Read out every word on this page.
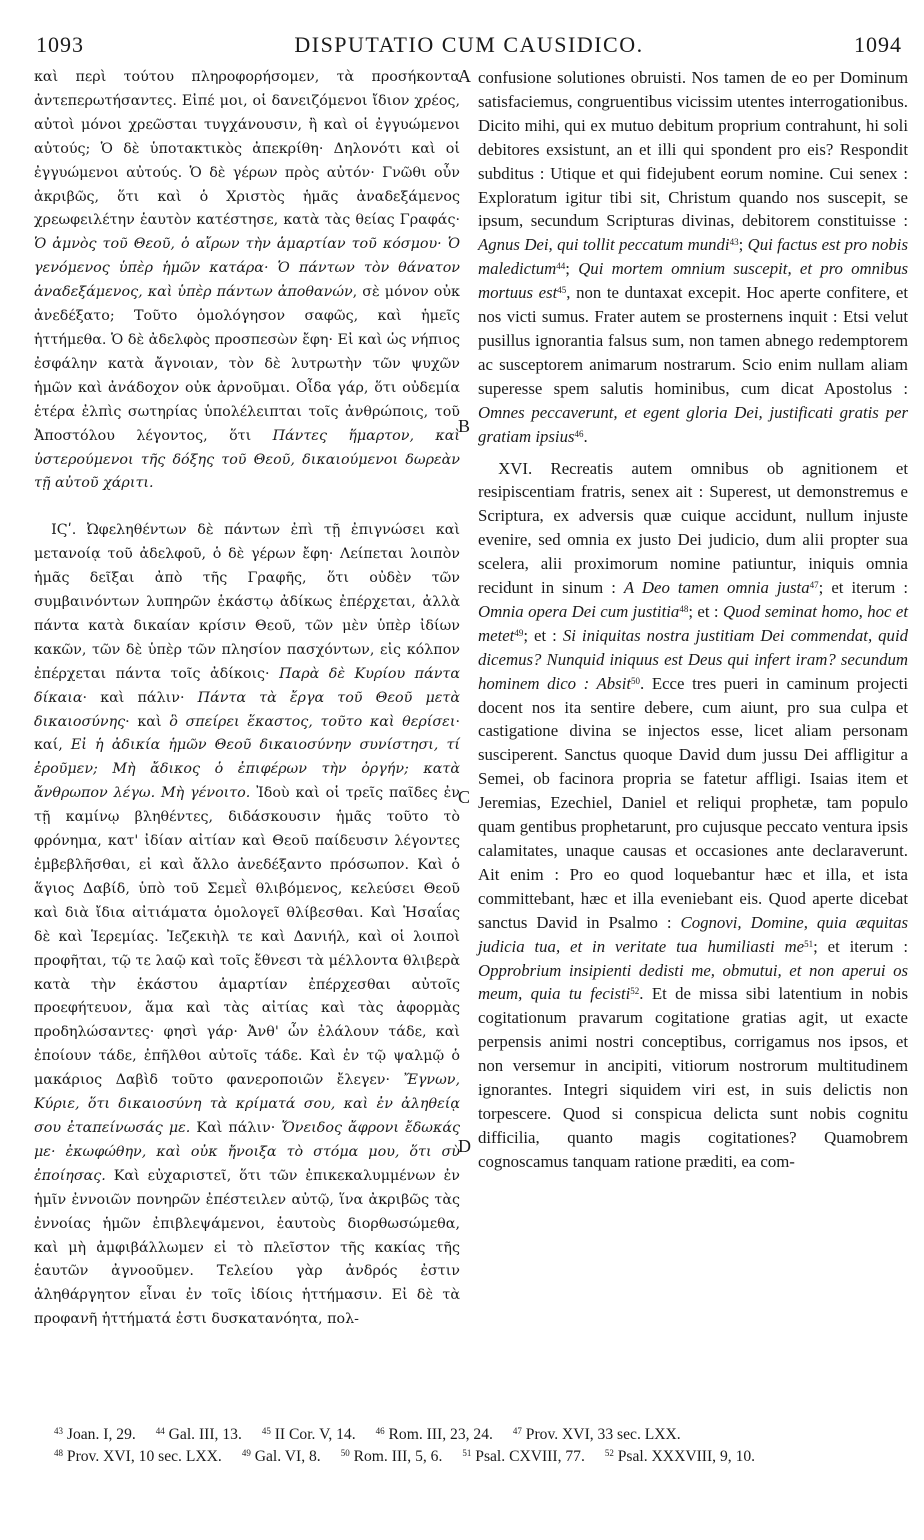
1093	DISPUTATIO CUM CAUSIDICO.	1094

καὶ περὶ τούτου πληροφορήσομεν, τὰ προσήκοντα ἀντεπερωτήσαντες. Εἰπέ μοι, οἱ δανειζόμενοι ἴδιον χρέος, αὐτοὶ μόνοι χρεῶσται τυγχάνουσιν, ἢ καὶ οἱ ἐγγυώμενοι αὐτούς; Ὁ δὲ ὑποτακτικὸς ἀπεκρίθη· Δηλονότι καὶ οἱ ἐγγυώμενοι αὐτούς. Ὁ δὲ γέρων πρὸς αὐτόν· Γνῶθι οὖν ἀκριβῶς, ὅτι καὶ ὁ Χριστὸς ἡμᾶς ἀναδεξάμενος χρεωφειλέτην ἑαυτὸν κατέστησε, κατὰ τὰς θείας Γραφάς· Ὁ ἀμνὸς τοῦ Θεοῦ, ὁ αἴρων τὴν ἁμαρτίαν τοῦ κόσμου· Ὁ γενόμενος ὑπὲρ ἡμῶν κατάρα· Ὁ πάντων τὸν θάνατον ἀναδεξάμενος, καὶ ὑπὲρ πάντων ἀποθανών, σὲ μόνον οὐκ ἀνεδέξατο; Τοῦτο ὁμολόγησον σαφῶς, καὶ ἡμεῖς ἡττήμεθα. Ὁ δὲ ἀδελφὸς προσπεσὼν ἔφη· Εἰ καὶ ὡς νήπιος ἐσφάλην κατὰ ἄγνοιαν, τὸν δὲ λυτρωτὴν τῶν ψυχῶν ἡμῶν καὶ ἀνάδοχον οὐκ ἀρνοῦμαι. Οἶδα γάρ, ὅτι οὐδεμία ἑτέρα ἐλπὶς σωτηρίας ὑπολέλειπται τοῖς ἀνθρώποις, τοῦ Ἀποστόλου λέγοντος, ὅτι Πάντες ἥμαρτον, καὶ ὑστερούμενοι τῆς δόξης τοῦ Θεοῦ, δικαιούμενοι δωρεὰν τῇ αὐτοῦ χάριτι.

ΙϚʹ. Ὠφεληθέντων δὲ πάντων ἐπὶ τῇ ἐπιγνώσει καὶ μετανοίᾳ τοῦ ἀδελφοῦ, ὁ δὲ γέρων ἔφη· Λείπεται λοιπὸν ἡμᾶς δεῖξαι ἀπὸ τῆς Γραφῆς, ὅτι οὐδὲν τῶν συμβαινόντων λυπηρῶν ἑκάστῳ ἀδίκως ἐπέρχεται, ἀλλὰ πάντα κατὰ δικαίαν κρίσιν Θεοῦ, τῶν μὲν ὑπὲρ ἰδίων κακῶν, τῶν δὲ ὑπὲρ τῶν πλησίον πασχόντων, εἰς κόλπον ἐπέρχεται πάντα τοῖς ἀδίκοις· Παρὰ δὲ Κυρίου πάντα δίκαια· καὶ πάλιν· Πάντα τὰ ἔργα τοῦ Θεοῦ μετὰ δικαιοσύνης· καὶ ὃ σπείρει ἕκαστος, τοῦτο καὶ θερίσει· καί, Εἰ ἡ ἀδικία ἡμῶν Θεοῦ δικαιοσύνην συνίστησι, τί ἐροῦμεν; Μὴ ἄδικος ὁ ἐπιφέρων τὴν ὀργήν; κατὰ ἄνθρωπον λέγω. Μὴ γένοιτο. Ἰδοὺ καὶ οἱ τρεῖς παῖδες ἐν τῇ καμίνῳ βληθέντες, διδάσκουσιν ἡμᾶς τοῦτο τὸ φρόνημα, κατ' ἰδίαν αἰτίαν καὶ Θεοῦ παίδευσιν λέγοντες ἐμβεβλῆσθαι, εἰ καὶ ἄλλο ἀνεδέξαντο πρόσωπον. Καὶ ὁ ἅγιος Δαβίδ, ὑπὸ τοῦ Σεμεῒ θλιβόμενος, κελεύσει Θεοῦ καὶ διὰ ἴδια αἰτιάματα ὁμολογεῖ θλίβεσθαι. Καὶ Ἡσαΐας δὲ καὶ Ἱερεμίας. Ἰεζεκιὴλ τε καὶ Δανιήλ, καὶ οἱ λοιποὶ προφῆται, τῷ τε λαῷ καὶ τοῖς ἔθνεσι τὰ μέλλοντα θλιβερὰ κατὰ τὴν ἑκάστου ἁμαρτίαν ἐπέρχεσθαι αὐτοῖς προεφήτευον, ἅμα καὶ τὰς αἰτίας καὶ τὰς ἀφορμὰς προδηλώσαντες· φησὶ γάρ· Ἀνθ' ὧν ἐλάλουν τάδε, καὶ ἐποίουν τάδε, ἐπῆλθοι αὐτοῖς τάδε. Καὶ ἐν τῷ ψαλμῷ ὁ μακάριος Δαβὶδ τοῦτο φανεροποιῶν ἔλεγεν· Ἔγνων, Κύριε, ὅτι δικαιοσύνη τὰ κρίματά σου, καὶ ἐν ἀληθείᾳ σου ἐταπείνωσάς με. Καὶ πάλιν· Ὄνειδος ἄφρονι ἔδωκάς με· ἐκωφώθην, καὶ οὐκ ἤνοιξα τὸ στόμα μου, ὅτι σὺ ἐποίησας. Καὶ εὐχαριστεῖ, ὅτι τῶν ἐπικεκαλυμμένων ἐν ἡμῖν ἐννοιῶν πονηρῶν ἐπέστειλεν αὐτῷ, ἵνα ἀκριβῶς τὰς ἐννοίας ἡμῶν ἐπιβλεψάμενοι, ἑαυτοὺς διορθωσώμεθα, καὶ μὴ ἀμφιβάλλωμεν εἰ τὸ πλεῖστον τῆς κακίας τῆς ἑαυτῶν ἀγνοοῦμεν. Τελείου γὰρ ἀνδρός ἐστιν ἀληθάργητον εἶναι ἐν τοῖς ἰδίοις ἡττήμασιν. Εἰ δὲ τὰ προφανῆ ἡττήματά ἐστι δυσκατανόητα, πολ-

A
B
C
D

confusione solutiones obruisti. Nos tamen de eo per Dominum satisfaciemus, congruentibus vicissim utentes interrogationibus. Dicito mihi, qui ex mutuo debitum proprium contrahunt, hi soli debitores exsistunt, an et illi qui spondent pro eis? Respondit subditus : Utique et qui fidejubent eorum nomine. Cui senex : Exploratum igitur tibi sit, Christum quando nos suscepit, se ipsum, secundum Scripturas divinas, debitorem constituisse : Agnus Dei, qui tollit peccatum mundi$^{43}$; Qui factus est pro nobis maledictum$^{44}$; Qui mortem omnium suscepit, et pro omnibus mortuus est$^{45}$, non te duntaxat excepit. Hoc aperte confitere, et nos victi sumus. Frater autem se prosternens inquit : Etsi velut pusillus ignorantia falsus sum, non tamen abnego redemptorem ac susceptorem animarum nostrarum. Scio enim nullam aliam superesse spem salutis hominibus, cum dicat Apostolus : Omnes peccaverunt, et egent gloria Dei, justificati gratis per gratiam ipsius$^{46}$.

XVI. Recreatis autem omnibus ob agnitionem et resipiscentiam fratris, senex ait : Superest, ut demonstremus e Scriptura, ex adversis quæ cuique accidunt, nullum injuste evenire, sed omnia ex justo Dei judicio, dum alii propter sua scelera, alii proximorum nomine patiuntur, iniquis omnia recidunt in sinum : A Deo tamen omnia justa$^{47}$; et iterum : Omnia opera Dei cum justitia$^{48}$; et : Quod seminat homo, hoc et metet$^{49}$; et : Si iniquitas nostra justitiam Dei commendat, quid dicemus? Nunquid iniquus est Deus qui infert iram? secundum hominem dico : Absit$^{50}$. Ecce tres pueri in caminum projecti docent nos ita sentire debere, cum aiunt, pro sua culpa et castigatione divina se injectos esse, licet aliam personam susciperent. Sanctus quoque David dum jussu Dei affligitur a Semei, ob facinora propria se fatetur affligi. Isaias item et Jeremias, Ezechiel, Daniel et reliqui prophetæ, tam populo quam gentibus prophetarunt, pro cujusque peccato ventura ipsis calamitates, unaque causas et occasiones ante declaraverunt. Ait enim : Pro eo quod loquebantur hæc et illa, et ista committebant, hæc et illa eveniebant eis. Quod aperte dicebat sanctus David in Psalmo : Cognovi, Domine, quia æquitas judicia tua, et in veritate tua humiliasti $me^{51}$; et iterum : Opprobrium insipienti dedisti me, obmutui, et non aperui os meum, quia tu fecisti$^{52}$. Et de missa sibi latentium in nobis cogitationum pravarum cogitatione gratias agit, ut exacte perpensis animi nostri conceptibus, corrigamus nos ipsos, et non versemur in ancipiti, vitiorum nostrorum multitudinem ignorantes. Integri siquidem viri est, in suis delictis non torpescere. Quod si conspicua delicta sunt nobis cognitu difficilia, quanto magis cogitationes? Quamobrem cognoscamus tanquam ratione præditi, ea com-

$^{43}$ Joan. I, 29. $^{44}$ Gal. III, 13. $^{45}$ II Cor. V, 14. $^{46}$ Rom. III, 23, 24. $^{47}$ Prov. XVI, 33 sec. LXX.
$^{48}$ Prov. XVI, 10 sec. LXX. $^{49}$ Gal. VI, 8. $^{50}$ Rom. III, 5, 6. $^{51}$ Psal. CXVIII, 77. $^{52}$ Psal. XXXVIII, 9, 10.
